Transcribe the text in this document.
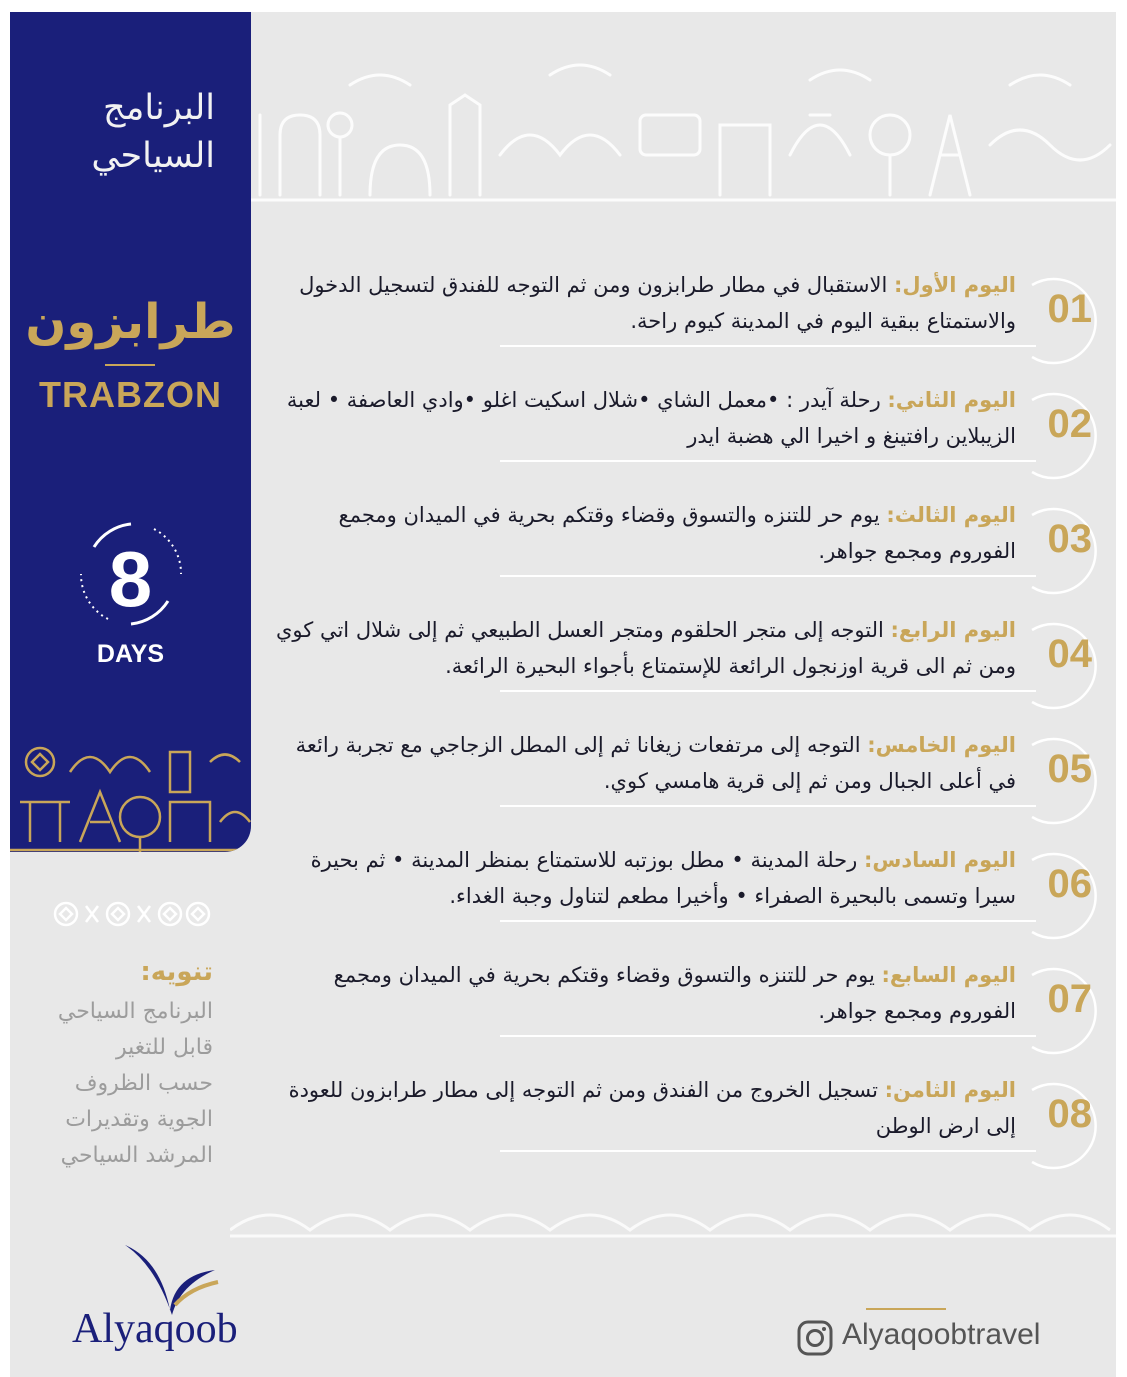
البرنامج
السياحي
طرابزون
TRABZON
8
DAYS
تنويه:
البرنامج السياحي
قابل للتغير
حسب الظروف
الجوية وتقديرات
المرشد السياحي
01
اليوم الأول: الاستقبال في مطار طرابزون ومن ثم التوجه للفندق لتسجيل الدخول والاستمتاع ببقية اليوم في المدينة كيوم راحة.
02
اليوم الثاني: رحلة آيدر : •معمل الشاي •شلال اسكيت اغلو •وادي العاصفة • لعبة الزيبلاين رافتينغ و اخيرا الي هضبة ايدر
03
اليوم الثالث: يوم حر للتنزه والتسوق وقضاء وقتكم بحرية في الميدان ومجمع الفوروم ومجمع جواهر.
04
اليوم الرابع: التوجه إلى متجر الحلقوم ومتجر العسل الطبيعي ثم إلى شلال اتي كوي ومن ثم الى قرية اوزنجول الرائعة للإستمتاع بأجواء البحيرة الرائعة.
05
اليوم الخامس: التوجه إلى مرتفعات زيغانا ثم إلى المطل الزجاجي مع تجربة رائعة في أعلى الجبال ومن ثم إلى قرية هامسي كوي.
06
اليوم السادس: رحلة المدينة • مطل بوزتبه للاستمتاع بمنظر المدينة • ثم بحيرة سيرا وتسمى بالبحيرة الصفراء • وأخيرا مطعم لتناول وجبة الغداء.
07
اليوم السابع: يوم حر للتنزه والتسوق وقضاء وقتكم بحرية في الميدان ومجمع الفوروم ومجمع جواهر.
08
اليوم الثامن: تسجيل الخروج من الفندق ومن ثم التوجه إلى مطار طرابزون للعودة إلى ارض الوطن
Alyaqoob	Alyaqoobtravel
